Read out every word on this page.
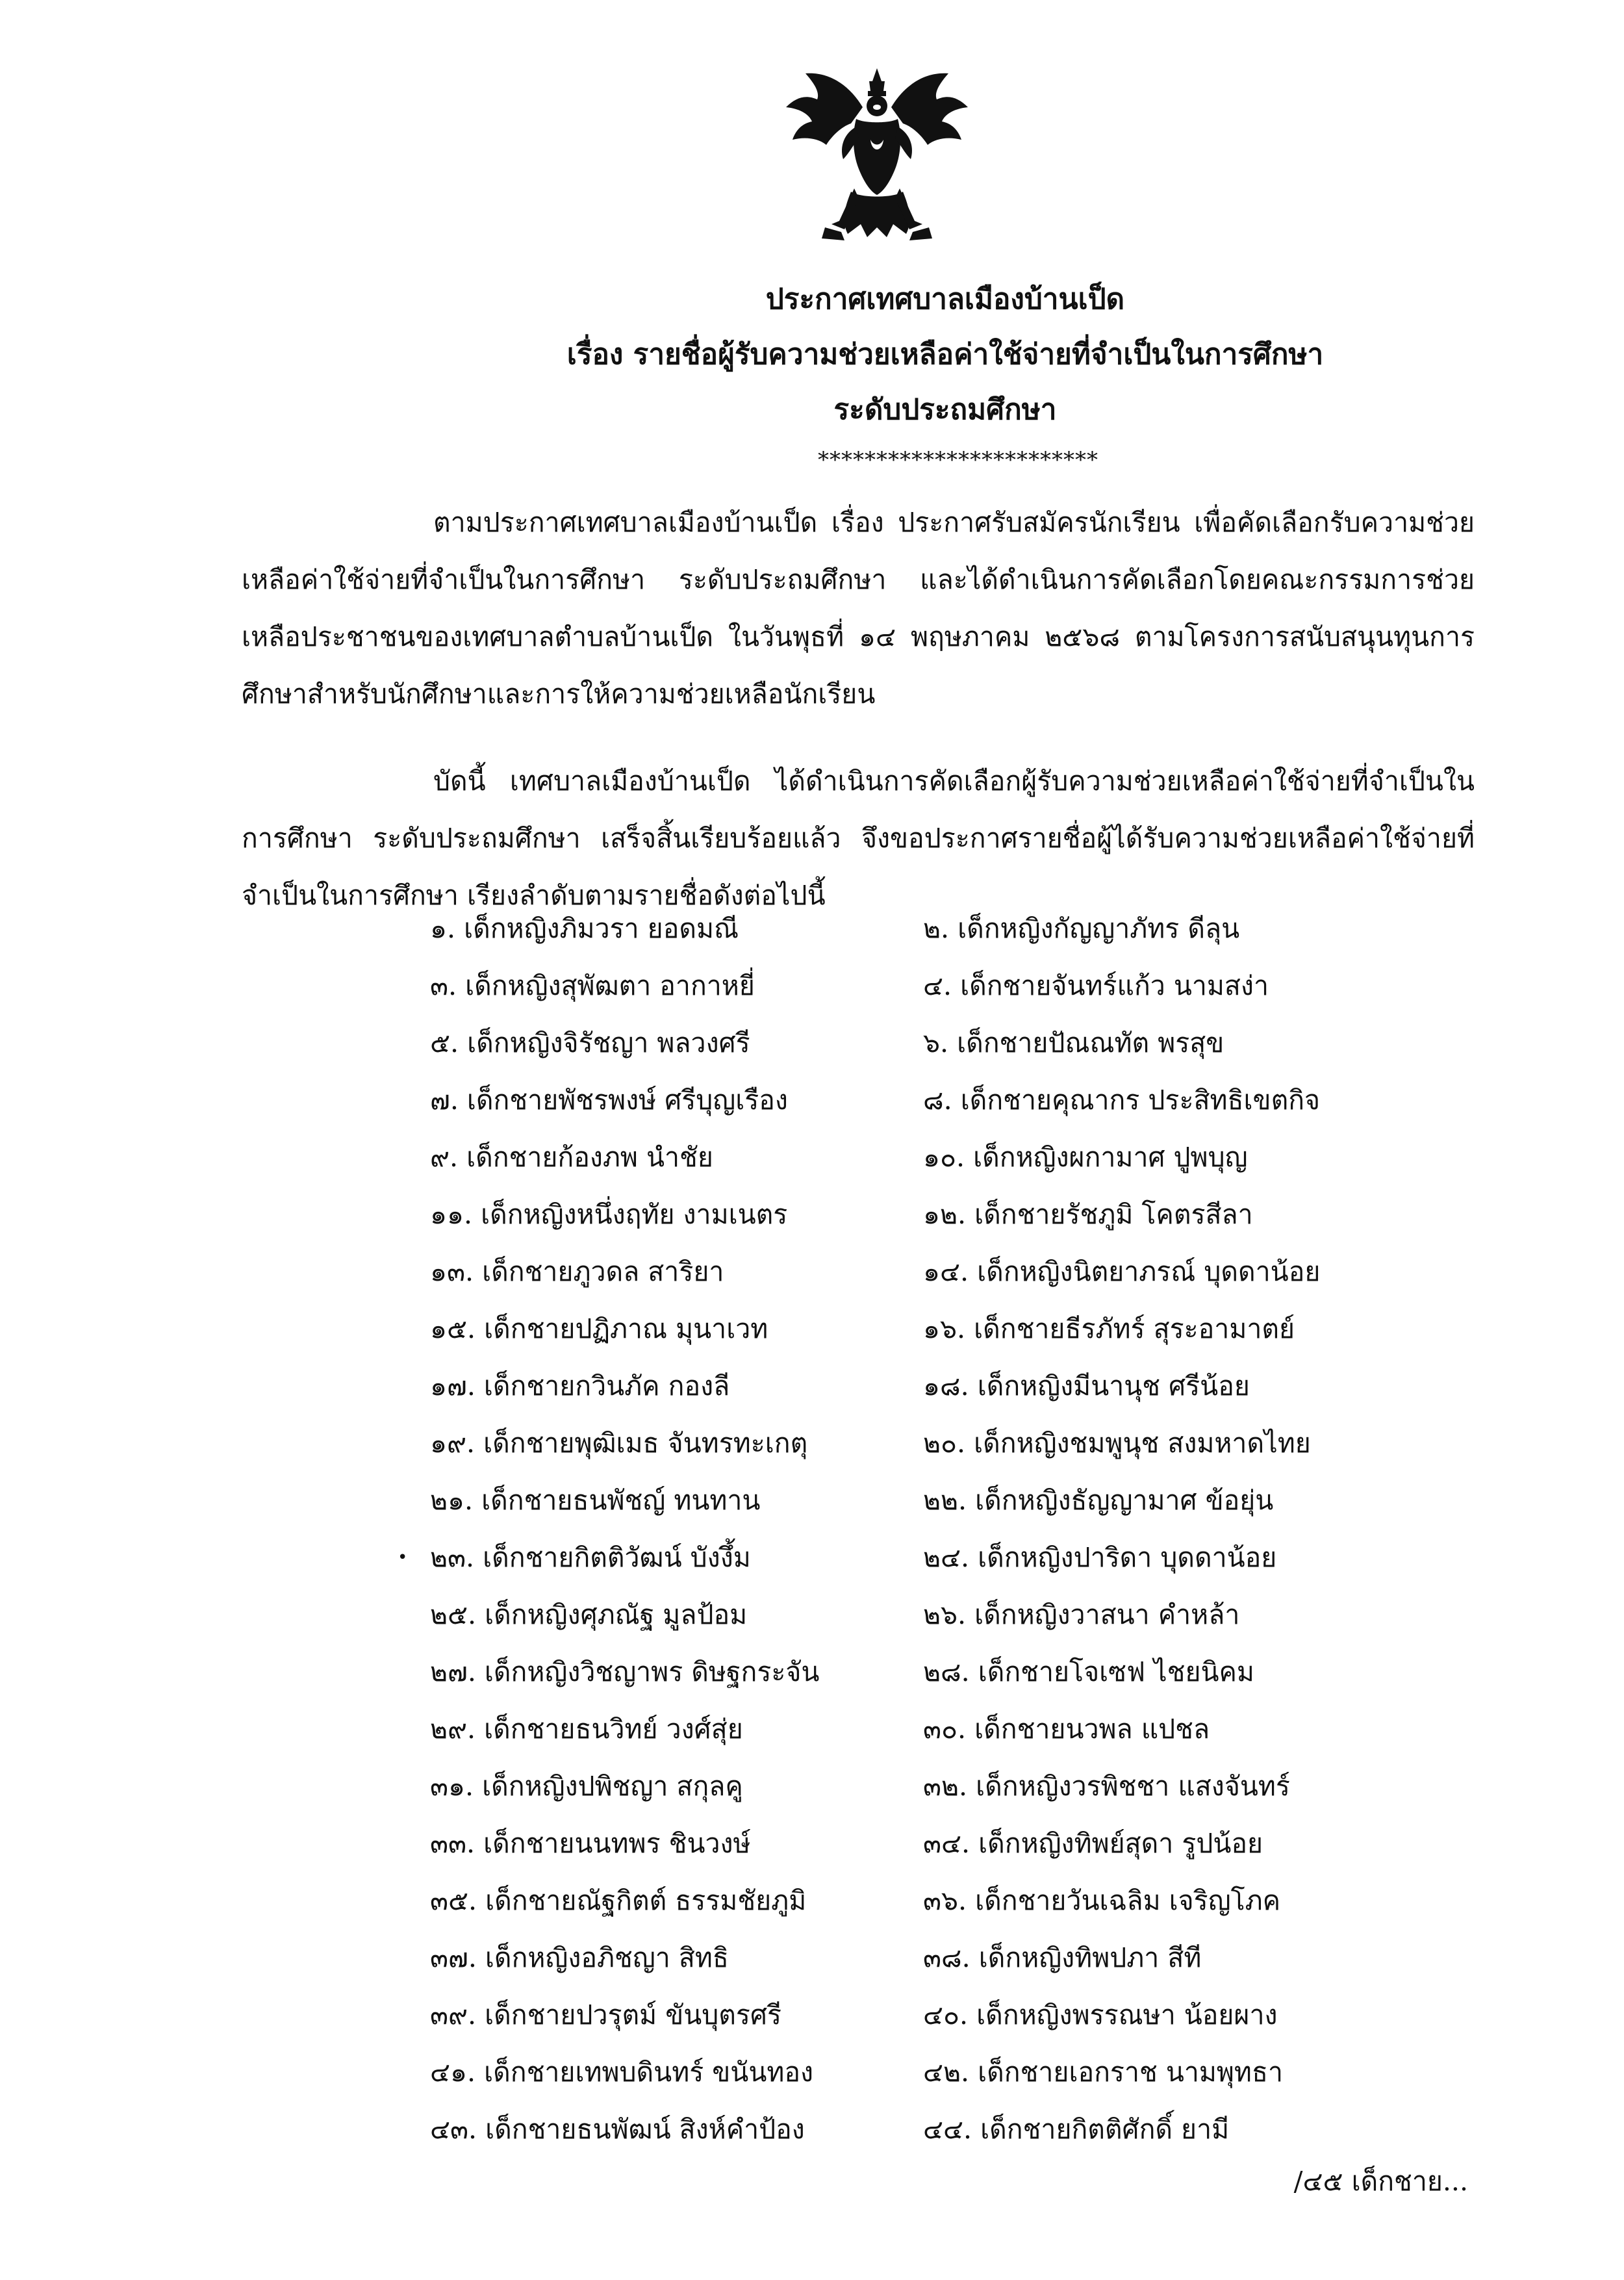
ประกาศเทศบาลเมืองบ้านเป็ด
เรื่อง รายชื่อผู้รับความช่วยเหลือค่าใช้จ่ายที่จำเป็นในการศึกษา
ระดับประถมศึกษา
************************

ตามประกาศเทศบาลเมืองบ้านเป็ด เรื่อง ประกาศรับสมัครนักเรียน เพื่อคัดเลือกรับความช่วยเหลือค่าใช้จ่ายที่จำเป็นในการศึกษา ระดับประถมศึกษา และได้ดำเนินการคัดเลือกโดยคณะกรรมการช่วยเหลือประชาชนของเทศบาลตำบลบ้านเป็ด ในวันพุธที่ ๑๔ พฤษภาคม ๒๕๖๘ ตามโครงการสนับสนุนทุนการศึกษาสำหรับนักศึกษาและการให้ความช่วยเหลือนักเรียน

บัดนี้ เทศบาลเมืองบ้านเป็ด ได้ดำเนินการคัดเลือกผู้รับความช่วยเหลือค่าใช้จ่ายที่จำเป็นในการศึกษา ระดับประถมศึกษา เสร็จสิ้นเรียบร้อยแล้ว จึงขอประกาศรายชื่อผู้ได้รับความช่วยเหลือค่าใช้จ่ายที่จำเป็นในการศึกษา เรียงลำดับตามรายชื่อดังต่อไปนี้

๑. เด็กหญิงภิมวรา ยอดมณี	๒. เด็กหญิงกัญญาภัทร ดีลุน
๓. เด็กหญิงสุพัฒตา อากาหยี่	๔. เด็กชายจันทร์แก้ว นามสง่า
๕. เด็กหญิงจิรัชญา พลวงศรี	๖. เด็กชายปัณณทัต พรสุข
๗. เด็กชายพัชรพงษ์ ศรีบุญเรือง	๘. เด็กชายคุณากร ประสิทธิเขตกิจ
๙. เด็กชายก้องภพ นำชัย	๑๐. เด็กหญิงผกามาศ ปูพบุญ
๑๑. เด็กหญิงหนึ่งฤทัย งามเนตร	๑๒. เด็กชายรัชภูมิ โคตรสีลา
๑๓. เด็กชายภูวดล สาริยา	๑๔. เด็กหญิงนิตยาภรณ์ บุดดาน้อย
๑๕. เด็กชายปฏิภาณ มุนาเวท	๑๖. เด็กชายธีรภัทร์ สุระอามาตย์
๑๗. เด็กชายกวินภัค กองลี	๑๘. เด็กหญิงมีนานุช ศรีน้อย
๑๙. เด็กชายพุฒิเมธ จันทรทะเกตุ	๒๐. เด็กหญิงชมพูนุช สงมหาดไทย
๒๑. เด็กชายธนพัชญ์ ทนทาน	๒๒. เด็กหญิงธัญญามาศ ข้อยุ่น
• ๒๓. เด็กชายกิตติวัฒน์ บังงึ้ม	๒๔. เด็กหญิงปาริดา บุดดาน้อย
๒๕. เด็กหญิงศุภณัฐ มูลป้อม	๒๖. เด็กหญิงวาสนา คำหล้า
๒๗. เด็กหญิงวิชญาพร ดิษฐกระจัน	๒๘. เด็กชายโจเซฟ ไชยนิคม
๒๙. เด็กชายธนวิทย์ วงศ์สุ่ย	๓๐. เด็กชายนวพล แปชล
๓๑. เด็กหญิงปพิชญา สกุลคู	๓๒. เด็กหญิงวรพิชชา แสงจันทร์
๓๓. เด็กชายนนทพร ชินวงษ์	๓๔. เด็กหญิงทิพย์สุดา รูปน้อย
๓๕. เด็กชายณัฐกิตต์ ธรรมชัยภูมิ	๓๖. เด็กชายวันเฉลิม เจริญโภค
๓๗. เด็กหญิงอภิชญา สิทธิ	๓๘. เด็กหญิงทิพปภา สีที
๓๙. เด็กชายปวรุตม์ ขันบุตรศรี	๔๐. เด็กหญิงพรรณษา น้อยผาง
๔๑. เด็กชายเทพบดินทร์ ขนันทอง	๔๒. เด็กชายเอกราช นามพุทธา
๔๓. เด็กชายธนพัฒน์ สิงห์คำป้อง	๔๔. เด็กชายกิตติศักดิ์ ยามี
/๔๕ เด็กชาย...
